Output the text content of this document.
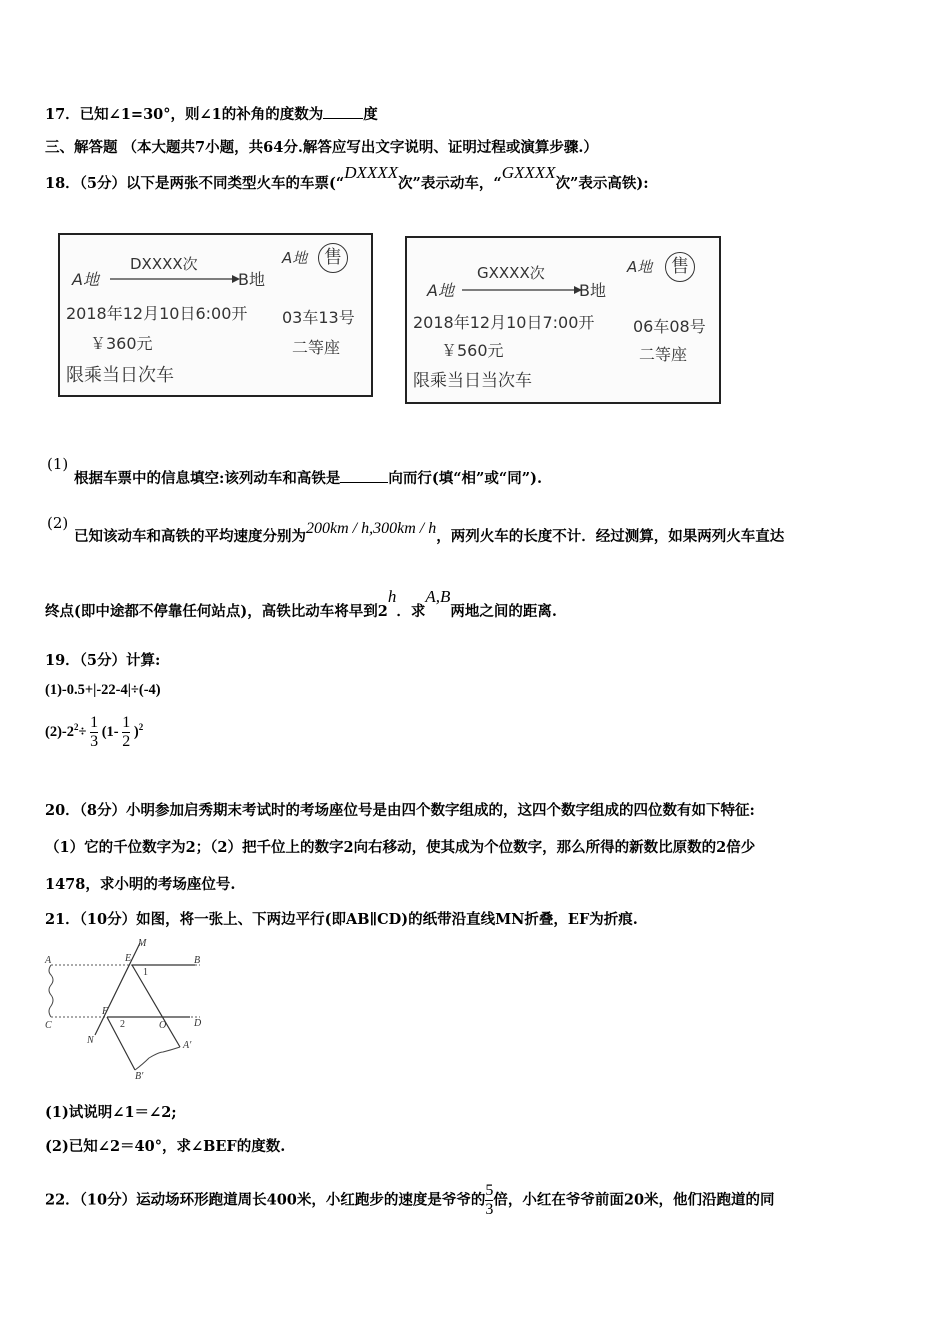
17．已知∠1=30°，则∠1的补角的度数为	度
三、解答题 （本大题共7小题，共64分.解答应写出文字说明、证明过程或演算步骤.）
18．（5分）以下是两张不同类型火车的车票(“DXXXX次”表示动车，“GXXXX次”表示高铁):
A地
DXXXX次
B地
A地 售
2018年12月10日6:00开 03车13号
￥360元	二等座
限乘当日次车
A地
GXXXX次
B地
A地	售
2018年12月10日7:00开 06车08号
￥560元	二等座
限乘当日当次车
(1)
根据车票中的信息填空:该列动车和高铁是	向而行(填“相”或“同”).
(2)
已知该动车和高铁的平均速度分别为200km / h,300km / h，两列火车的长度不计．经过测算，如果两列火车直达
终点(即中途都不停靠任何站点)，高铁比动车将早到2h．求A,B两地之间的距离.
19．（5分）计算:
(1)-0.5+|-22-4|÷(-4)
$(2)-2^2\div \frac{1}{3} (1- \frac{1}{2} )^2$
20．（8分）小明参加启秀期末考试时的考场座位号是由四个数字组成的，这四个数字组成的四位数有如下特征:
（1）它的千位数字为2；（2）把千位上的数字2向右移动，使其成为个位数字，那么所得的新数比原数的2倍少
1478，求小明的考场座位号.
21．（10分）如图，将一张上、下两边平行(即AB∥CD)的纸带沿直线MN折叠，EF为折痕.
A	B
C	D
E
F
M
N
O
A′
B′
1
2
(1)试说明∠1＝∠2;
(2)已知∠2＝40°，求∠BEF的度数.
22．（10分）运动场环形跑道周长400米，小红跑步的速度是爷爷的 $\frac{5}{3}$ 倍，小红在爷爷前面20米，他们沿跑道的同
